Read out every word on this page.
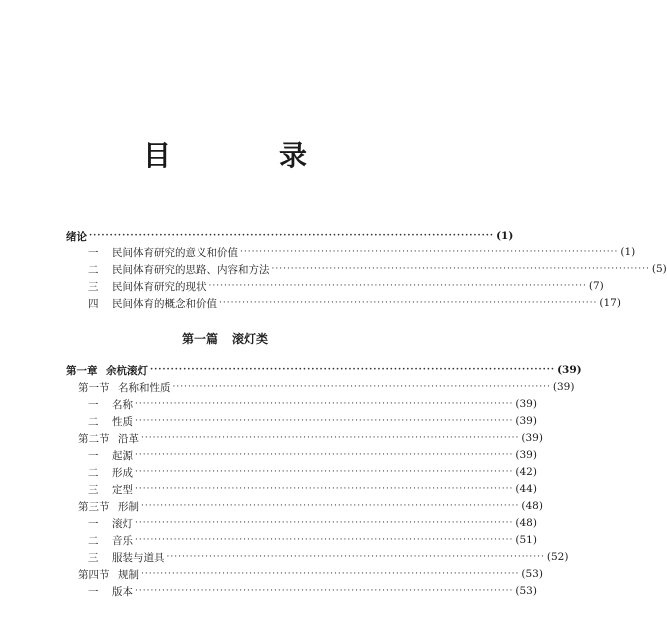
目　录
绪论 ·································································································· (1)
一	民间体育研究的意义和价值 ·································································································· (1)
二	民间体育研究的思路、内容和方法 ·································································································· (5)
三	民间体育研究的现状 ·································································································· (7)
四	民间体育的概念和价值 ·································································································· (17)
第一篇 滚灯类
第一章 余杭滚灯 ·································································································· (39)
第一节 名称和性质 ·································································································· (39)
一	名称 ·································································································· (39)
二	性质 ·································································································· (39)
第二节 沿革 ·································································································· (39)
一	起源 ·································································································· (39)
二	形成 ·································································································· (42)
三	定型 ·································································································· (44)
第三节 形制 ·································································································· (48)
一	滚灯 ·································································································· (48)
二	音乐 ·································································································· (51)
三	服装与道具 ·································································································· (52)
第四节 规制 ·································································································· (53)
一	版本 ·································································································· (53)
